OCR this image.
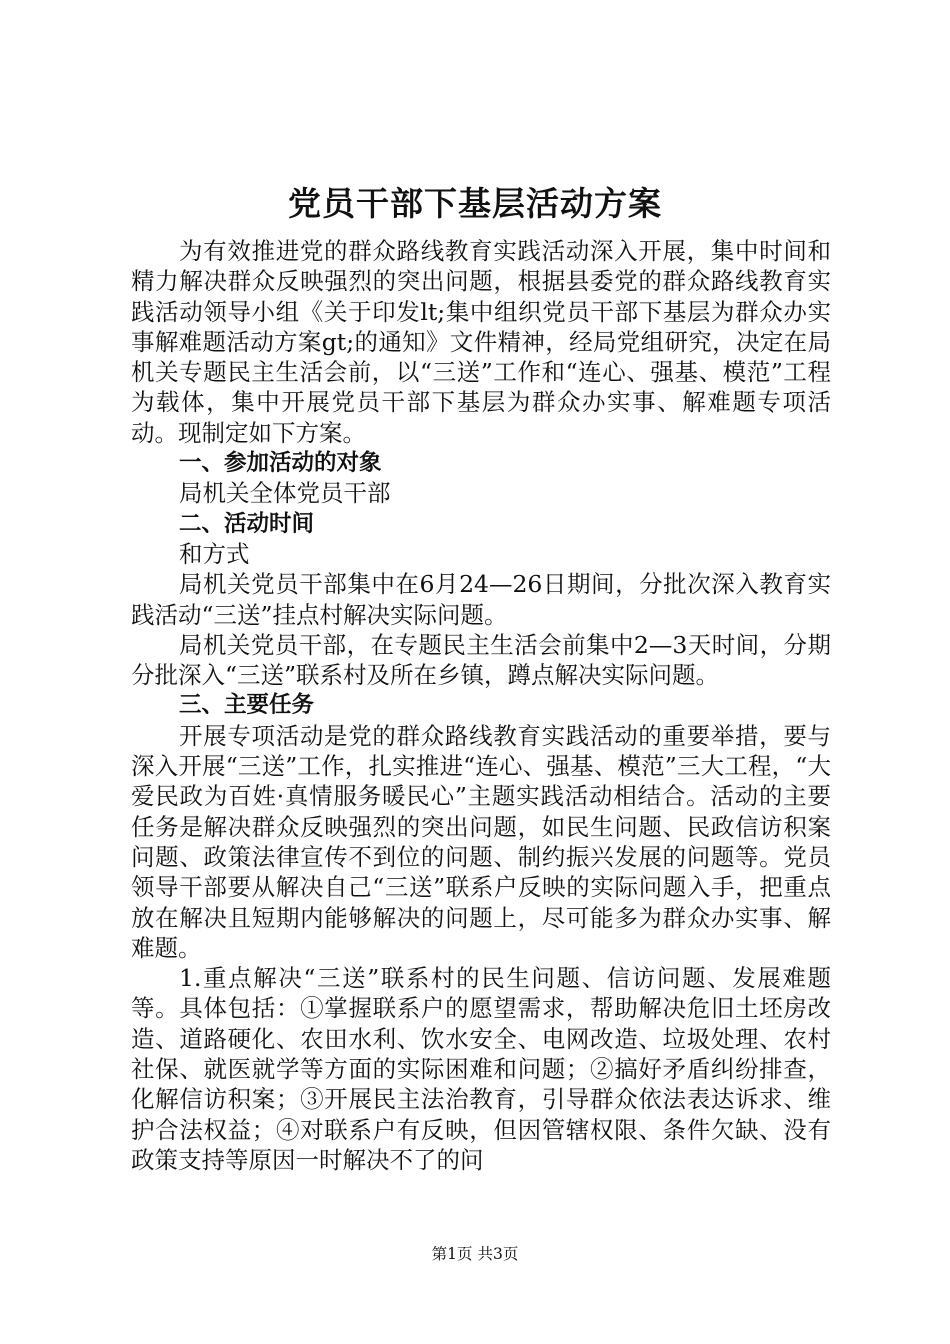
党员干部下基层活动方案

为有效推进党的群众路线教育实践活动深入开展，集中时间和精力解决群众反映强烈的突出问题，根据县委党的群众路线教育实践活动领导小组《关于印发lt;集中组织党员干部下基层为群众办实事解难题活动方案gt;的通知》文件精神，经局党组研究，决定在局机关专题民主生活会前，以“三送”工作和“连心、强基、模范”工程为载体，集中开展党员干部下基层为群众办实事、解难题专项活动。现制定如下方案。

一、参加活动的对象

局机关全体党员干部

二、活动时间

和方式

局机关党员干部集中在6月24—26日期间，分批次深入教育实践活动“三送”挂点村解决实际问题。

局机关党员干部，在专题民主生活会前集中2—3天时间，分期分批深入“三送”联系村及所在乡镇，蹲点解决实际问题。

三、主要任务

开展专项活动是党的群众路线教育实践活动的重要举措，要与深入开展“三送”工作，扎实推进“连心、强基、模范”三大工程，“大爱民政为百姓·真情服务暖民心”主题实践活动相结合。活动的主要任务是解决群众反映强烈的突出问题，如民生问题、民政信访积案问题、政策法律宣传不到位的问题、制约振兴发展的问题等。党员领导干部要从解决自己“三送”联系户反映的实际问题入手，把重点放在解决且短期内能够解决的问题上，尽可能多为群众办实事、解难题。

1.重点解决“三送”联系村的民生问题、信访问题、发展难题等。具体包括：①掌握联系户的愿望需求，帮助解决危旧土坯房改造、道路硬化、农田水利、饮水安全、电网改造、垃圾处理、农村社保、就医就学等方面的实际困难和问题；②搞好矛盾纠纷排查，化解信访积案；③开展民主法治教育，引导群众依法表达诉求、维护合法权益；④对联系户有反映，但因管辖权限、条件欠缺、没有政策支持等原因一时解决不了的问

第1页 共3页
